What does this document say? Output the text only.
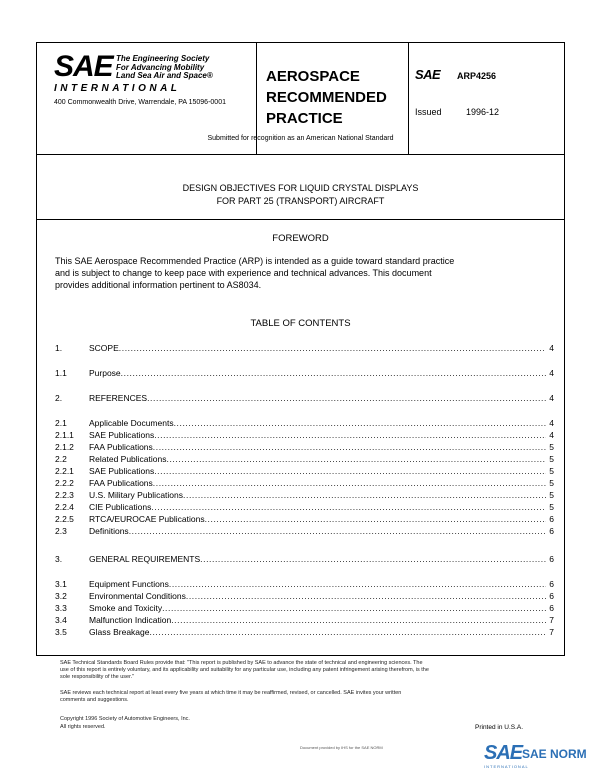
SAE The Engineering Society
For Advancing Mobility
Land Sea Air and Space®
INTERNATIONAL
400 Commonwealth Drive, Warrendale, PA 15096-0001
AEROSPACE
RECOMMENDED
PRACTICE
SAE ARP4256
Issued	1996-12
Submitted for recognition as an American National Standard
DESIGN OBJECTIVES FOR LIQUID CRYSTAL DISPLAYS
FOR PART 25 (TRANSPORT) AIRCRAFT
FOREWORD
This SAE Aerospace Recommended Practice (ARP) is intended as a guide toward standard practice
and is subject to change to keep pace with experience and technical advances. This document
provides additional information pertinent to AS8034.
TABLE OF CONTENTS
1.	SCOPE .....	4
1.1	Purpose .....	4
2.	REFERENCES .....	4
2.1	Applicable Documents .....	4
2.1.1	SAE Publications .....	4
2.1.2	FAA Publications .....	5
2.2	Related Publications .....	5
2.2.1	SAE Publications .....	5
2.2.2	FAA Publications .....	5
2.2.3	U.S. Military Publications .....	5
2.2.4	CIE Publications .....	5
2.2.5	RTCA/EUROCAE Publications .....	6
2.3	Definitions .....	6
3.	GENERAL REQUIREMENTS .....	6
3.1	Equipment Functions .....	6
3.2	Environmental Conditions .....	6
3.3	Smoke and Toxicity .....	6
3.4	Malfunction Indication .....	7
3.5	Glass Breakage .....	7
SAE Technical Standards Board Rules provide that: "This report is published by SAE to advance the state of technical and engineering sciences. The
use of this report is entirely voluntary, and its applicability and suitability for any particular use, including any patent infringement arising therefrom, is the
sole responsibility of the user."
SAE reviews each technical report at least every five years at which time it may be reaffirmed, revised, or cancelled. SAE invites your written
comments and suggestions.
Copyright 1996 Society of Automotive Engineers, Inc.
All rights reserved.	Printed in U.S.A.
SAE SAE NORM
INTERNATIONAL
Document provided by IHS for the SAE NORM
